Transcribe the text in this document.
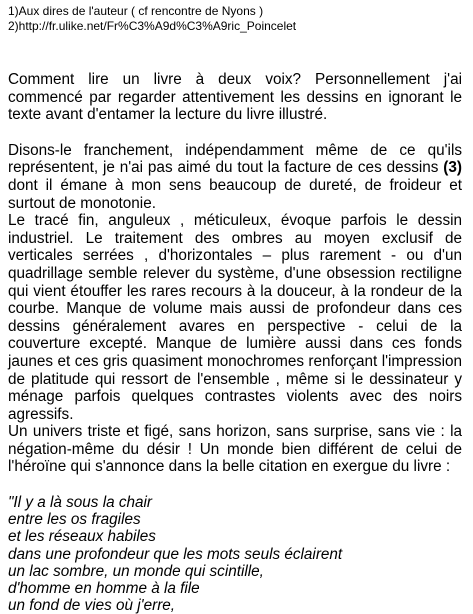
1)Aux dires de l'auteur ( cf rencontre de Nyons )
2)http://fr.ulike.net/Fr%C3%A9d%C3%A9ric_Poincelet

Comment lire un livre à deux voix? Personnellement j'ai commencé par regarder attentivement les dessins en ignorant le texte avant d'entamer la lecture du livre illustré.

Disons-le franchement, indépendamment même de ce qu'ils représentent, je n'ai pas aimé du tout la facture de ces dessins (3) dont il émane à mon sens beaucoup de dureté, de froideur et surtout de monotonie.

Le tracé fin, anguleux , méticuleux, évoque parfois le dessin industriel. Le traitement des ombres au moyen exclusif de verticales serrées , d'horizontales – plus rarement - ou d'un quadrillage semble relever du système, d'une obsession rectiligne qui vient étouffer les rares recours à la douceur, à la rondeur de la courbe. Manque de volume mais aussi de profondeur dans ces dessins généralement avares en perspective - celui de la couverture excepté. Manque de lumière aussi dans ces fonds jaunes et ces gris quasiment monochromes renforçant l'impression de platitude qui ressort de l'ensemble , même si le dessinateur y ménage parfois quelques contrastes violents avec des noirs agressifs.

Un univers triste et figé, sans horizon, sans surprise, sans vie : la négation-même du désir ! Un monde bien différent de celui de l'héroïne qui s'annonce dans la belle citation en exergue du livre :

"Il y a là sous la chair
entre les os fragiles
et les réseaux habiles
dans une profondeur que les mots seuls éclairent
un lac sombre, un monde qui scintille,
d'homme en homme à la file
un fond de vies où j'erre,
